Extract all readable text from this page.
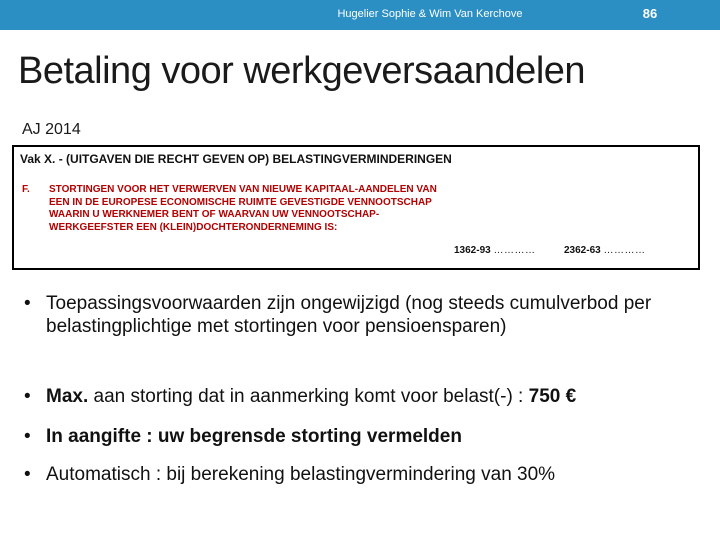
Hugelier Sophie & Wim Van Kerchove	86
Betaling voor werkgeversaandelen
AJ 2014
Vak X. - (UITGAVEN DIE RECHT GEVEN OP) BELASTINGVERMINDERINGEN
F. STORTINGEN VOOR HET VERWERVEN VAN NIEUWE KAPITAAL-AANDELEN VAN EEN IN DE EUROPESE ECONOMISCHE RUIMTE GEVESTIGDE VENNOOTSCHAP WAARIN U WERKNEMER BENT OF WAARVAN UW VENNOOTSCHAP-WERKGEEFSTER EEN (KLEIN)DOCHTERONDERNEMING IS:
1362-93 …………	2362-63 …………
• Toepassingsvoorwaarden zijn ongewijzigd (nog steeds cumulverbod per belastingplichtige met stortingen voor pensioensparen)
• Max. aan storting dat in aanmerking komt voor belast(-) : 750 €
• In aangifte : uw begrensde storting vermelden
• Automatisch : bij berekening belastingvermindering van 30%
